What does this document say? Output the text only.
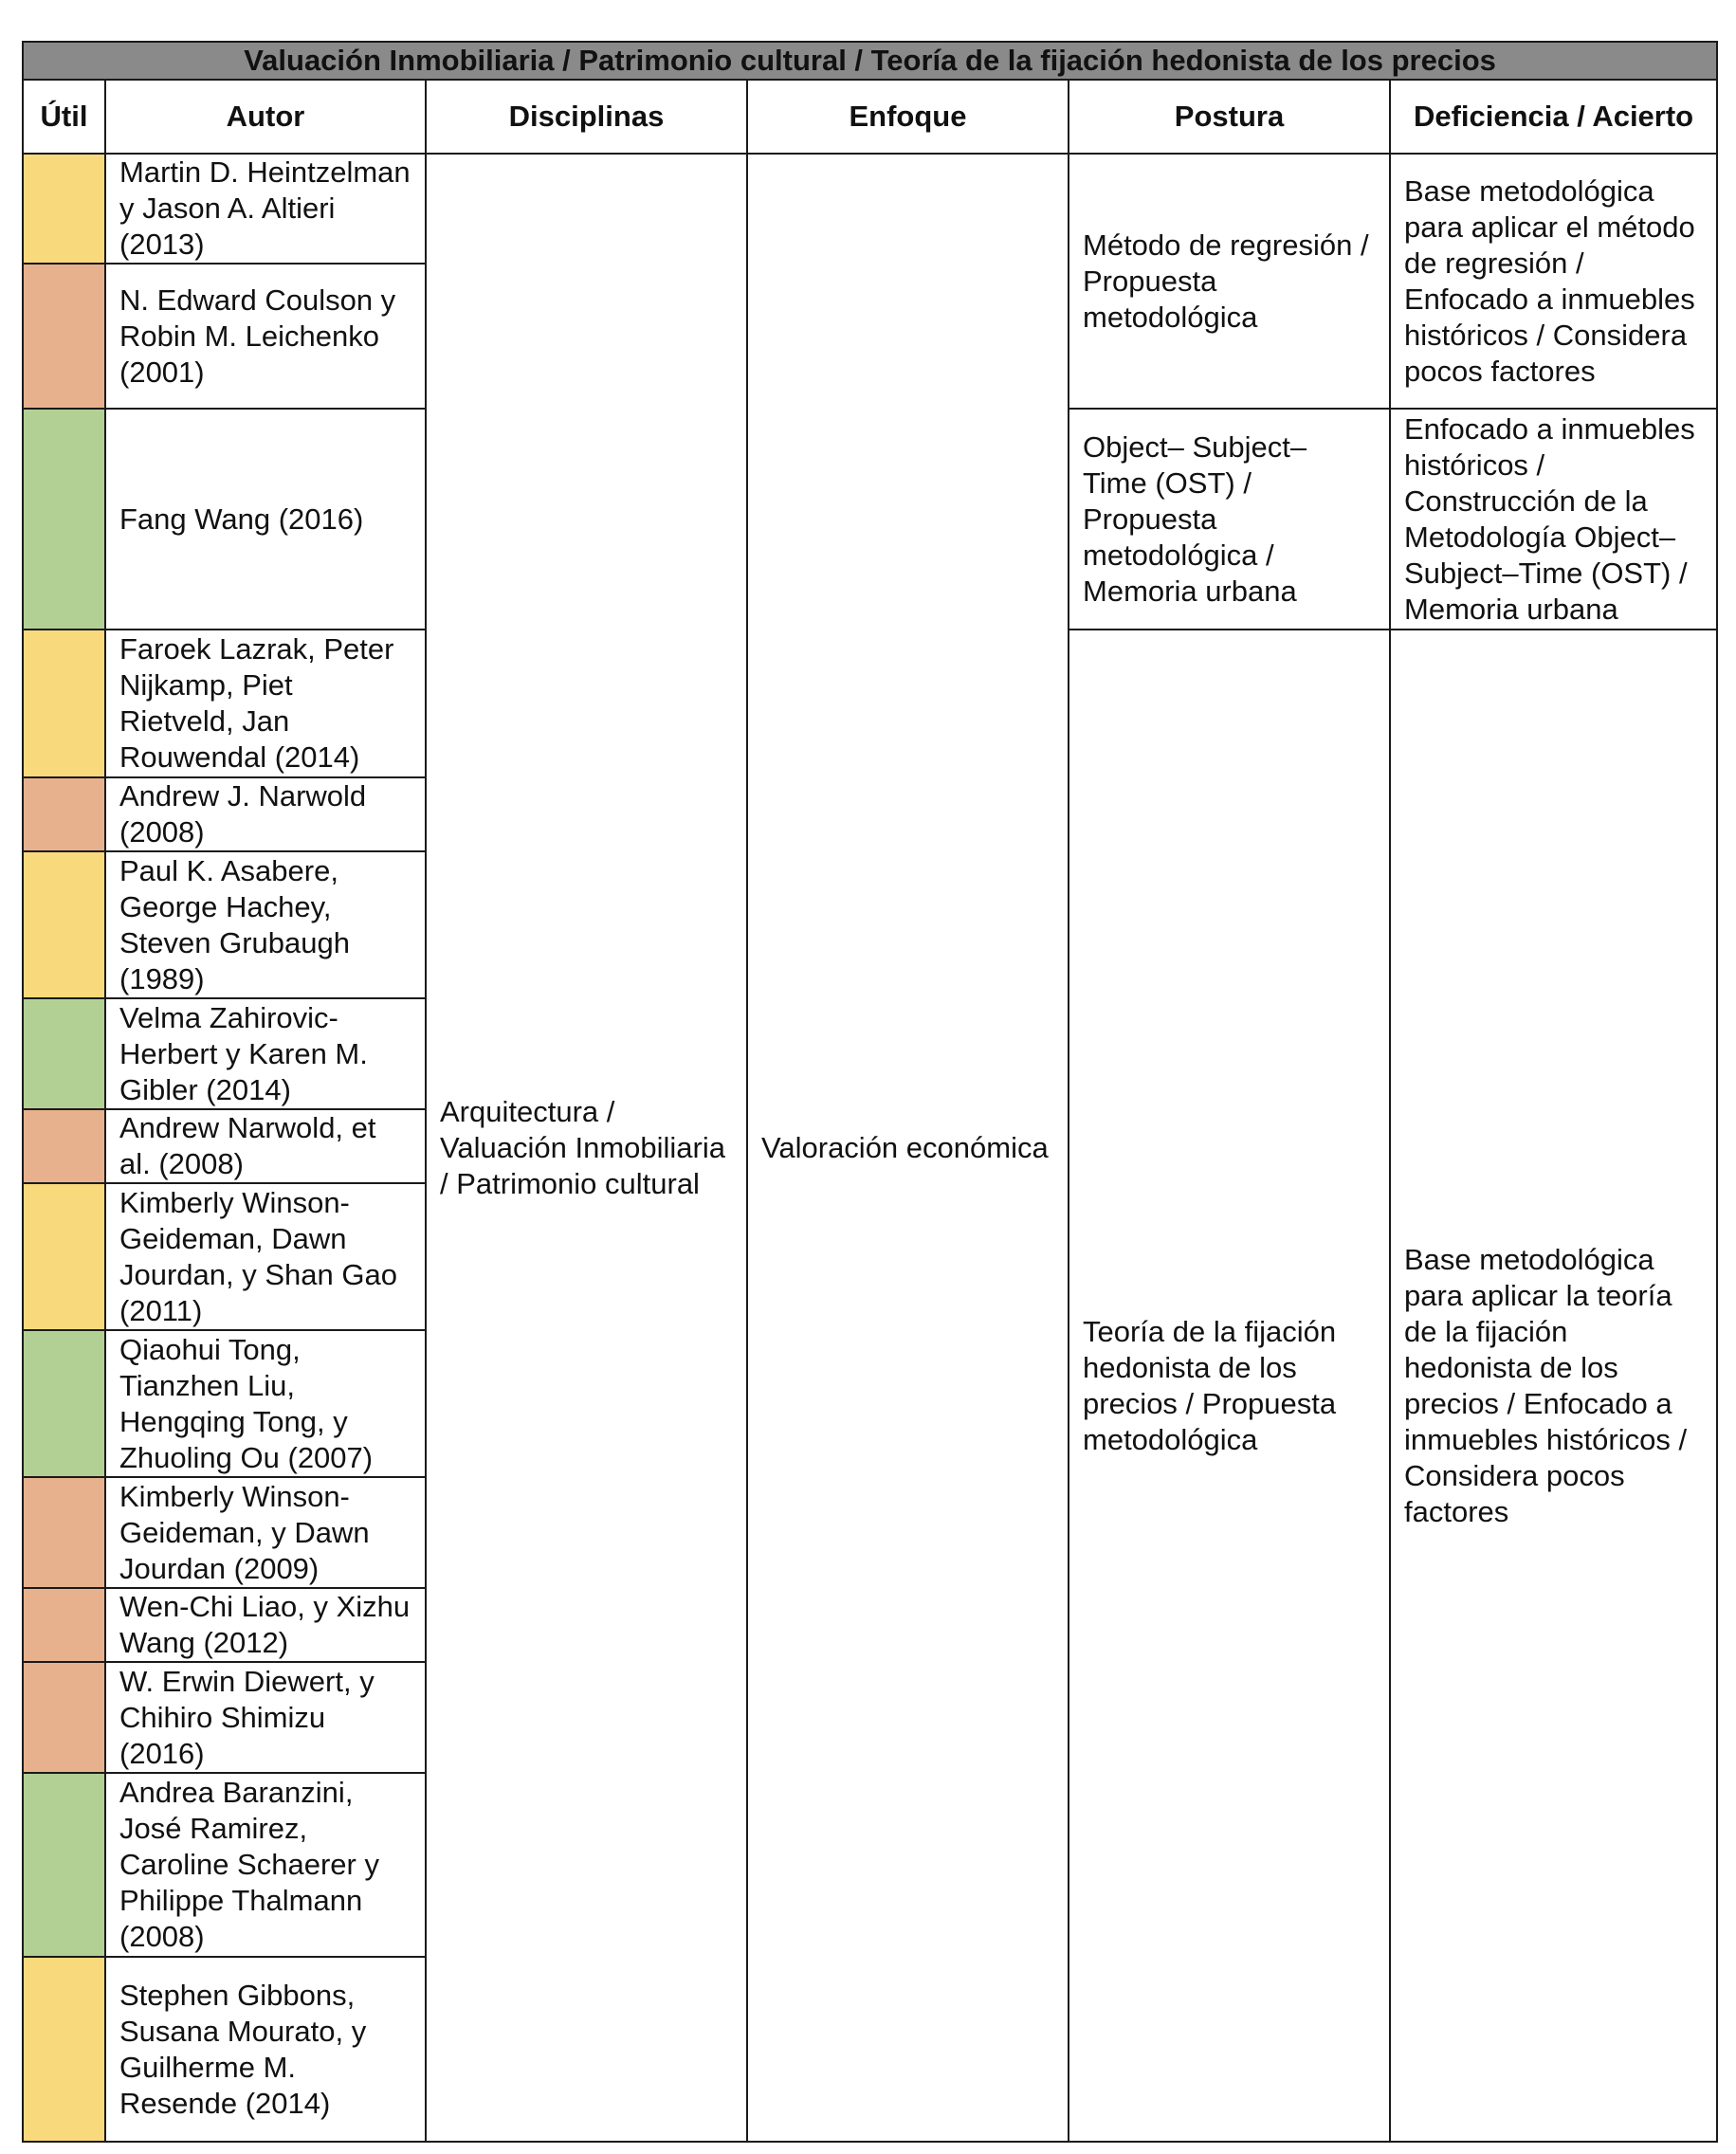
Valuación Inmobiliaria / Patrimonio cultural / Teoría de la fijación hedonista de los precios					
Útil	Autor	Disciplinas	Enfoque	Postura	Deficiencia / Acierto
	Martin D. Heintzelman y Jason A. Altieri (2013)	Arquitectura / Valuación Inmobiliaria / Patrimonio cultural	Valoración económica	Método de regresión / Propuesta metodológica	Base metodológica para aplicar el método de regresión / Enfocado a inmuebles históricos / Considera pocos factores
	N. Edward Coulson y Robin M. Leichenko (2001)				
	Fang Wang (2016)			Object– Subject– Time (OST) / Propuesta metodológica / Memoria urbana	Enfocado a inmuebles históricos / Construcción de la Metodología Object–Subject–Time (OST) / Memoria urbana
	Faroek Lazrak, Peter Nijkamp, Piet Rietveld, Jan Rouwendal (2014)			Teoría de la fijación hedonista de los precios / Propuesta metodológica	Base metodológica para aplicar la teoría de la fijación hedonista de los precios / Enfocado a inmuebles históricos / Considera pocos factores
	Andrew J. Narwold (2008)				
	Paul K. Asabere, George Hachey, Steven Grubaugh (1989)				
	Velma Zahirovic-Herbert y Karen M. Gibler (2014)				
	Andrew Narwold, et al. (2008)				
	Kimberly Winson-Geideman, Dawn Jourdan, y Shan Gao (2011)				
	Qiaohui Tong, Tianzhen Liu, Hengqing Tong, y Zhuoling Ou (2007)				
	Kimberly Winson-Geideman, y Dawn Jourdan (2009)				
	Wen-Chi Liao, y Xizhu Wang (2012)				
	W. Erwin Diewert, y Chihiro Shimizu (2016)				
	Andrea Baranzini, José Ramirez, Caroline Schaerer y Philippe Thalmann (2008)				
	Stephen Gibbons, Susana Mourato, y Guilherme M. Resende (2014)				
